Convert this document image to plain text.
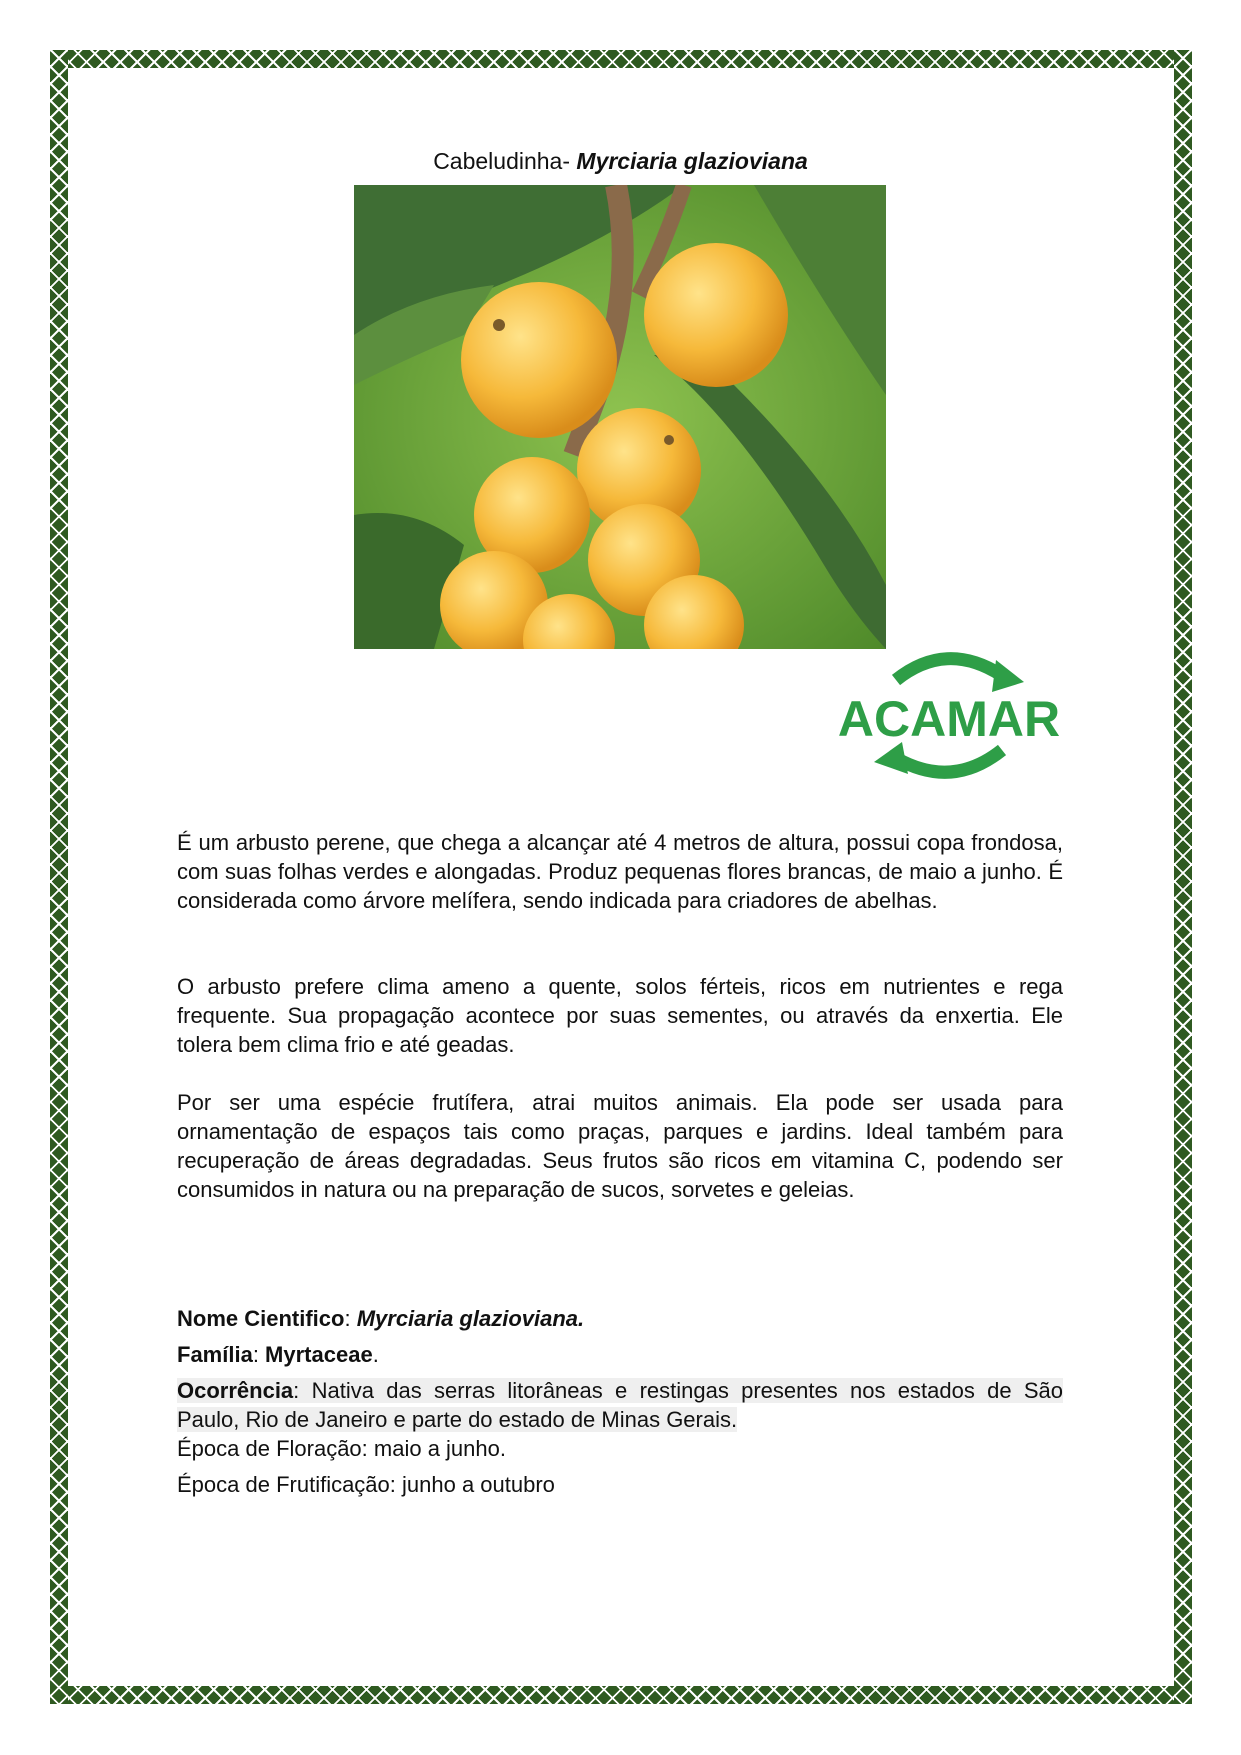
Cabeludinha- Myrciaria glazioviana
ACAMAR

É um arbusto perene, que chega a alcançar até 4 metros de altura, possui copa frondosa, com suas folhas verdes e alongadas. Produz pequenas flores brancas, de maio a junho. É considerada como árvore melífera, sendo indicada para criadores de abelhas.

O arbusto prefere clima ameno a quente, solos férteis, ricos em nutrientes e rega frequente. Sua propagação acontece por suas sementes, ou através da enxertia. Ele tolera bem clima frio e até geadas.

Por ser uma espécie frutífera, atrai muitos animais. Ela pode ser usada para ornamentação de espaços tais como praças, parques e jardins. Ideal também para recuperação de áreas degradadas. Seus frutos são ricos em vitamina C, podendo ser consumidos in natura ou na preparação de sucos, sorvetes e geleias.

Nome Cientifico: Myrciaria glazioviana.
Família: Myrtaceae.
Ocorrência: Nativa das serras litorâneas e restingas presentes nos estados de São Paulo, Rio de Janeiro e parte do estado de Minas Gerais.
Época de Floração: maio a junho.
Época de Frutificação: junho a outubro
